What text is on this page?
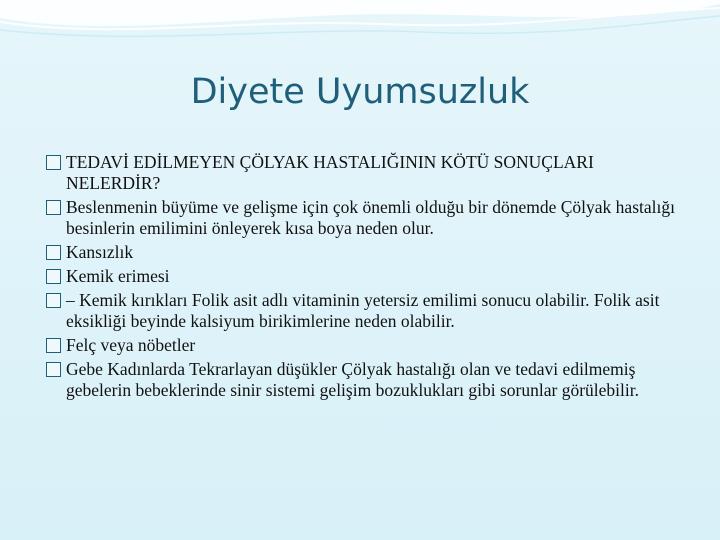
Diyete Uyumsuzluk
TEDAVİ EDİLMEYEN ÇÖLYAK HASTALIĞININ KÖTÜ SONUÇLARI NELERDİR?
Beslenmenin büyüme ve gelişme için çok önemli olduğu bir dönemde Çölyak hastalığı besinlerin emilimini önleyerek kısa boya neden olur.
Kansızlık
Kemik erimesi
– Kemik kırıkları Folik asit adlı vitaminin yetersiz emilimi sonucu olabilir. Folik asit eksikliği beyinde kalsiyum birikimlerine neden olabilir.
Felç veya nöbetler
Gebe Kadınlarda Tekrarlayan düşükler Çölyak hastalığı olan ve tedavi edilmemiş gebelerin bebeklerinde sinir sistemi gelişim bozuklukları gibi sorunlar görülebilir.
